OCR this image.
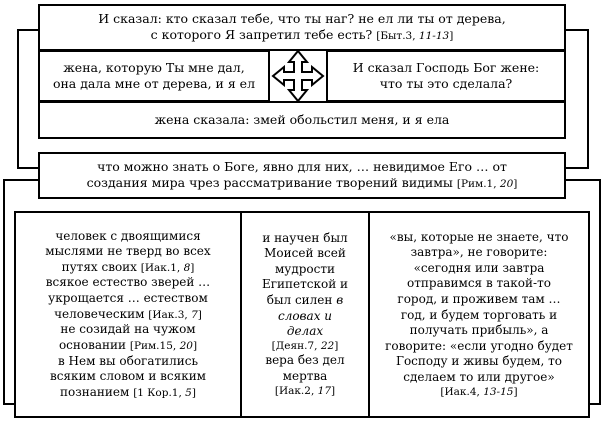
И сказал: кто сказал тебе, что ты наг? не ел ли ты от дерева,

с которого Я запретил тебе есть? [Быт.3, 11-13]

жена, которую Ты мне дал,

она дала мне от дерева, и я ел

И сказал Господь Бог жене:

что ты это сделала?

жена сказала: змей обольстил меня, и я ела

что можно знать о Боге, явно для них, … невидимое Его … от

создания мира чрез рассматривание творений видимы [Рим.1, 20]

человек с двоящимися

мыслями не тверд во всех

путях своих [Иак.1, 8]

всякое естество зверей …

укрощается … естеством

человеческим [Иак.3, 7]

не созидай на чужом

основании [Рим.15, 20]

в Нем вы обогатились

всяким словом и всяким

познанием [1 Кор.1, 5]

и научен был

Моисей всей

мудрости

Египетской и

был силен в

словах и

делах

[Деян.7, 22]

вера без дел

мертва

[Иак.2, 17]

«вы, которые не знаете, что

завтра», не говорите:

«сегодня или завтра

отправимся в такой-то

город, и проживем там …

год, и будем торговать и

получать прибыль», а

говорите: «если угодно будет

Господу и живы будем, то

сделаем то или другое»

[Иак.4, 13-15]
